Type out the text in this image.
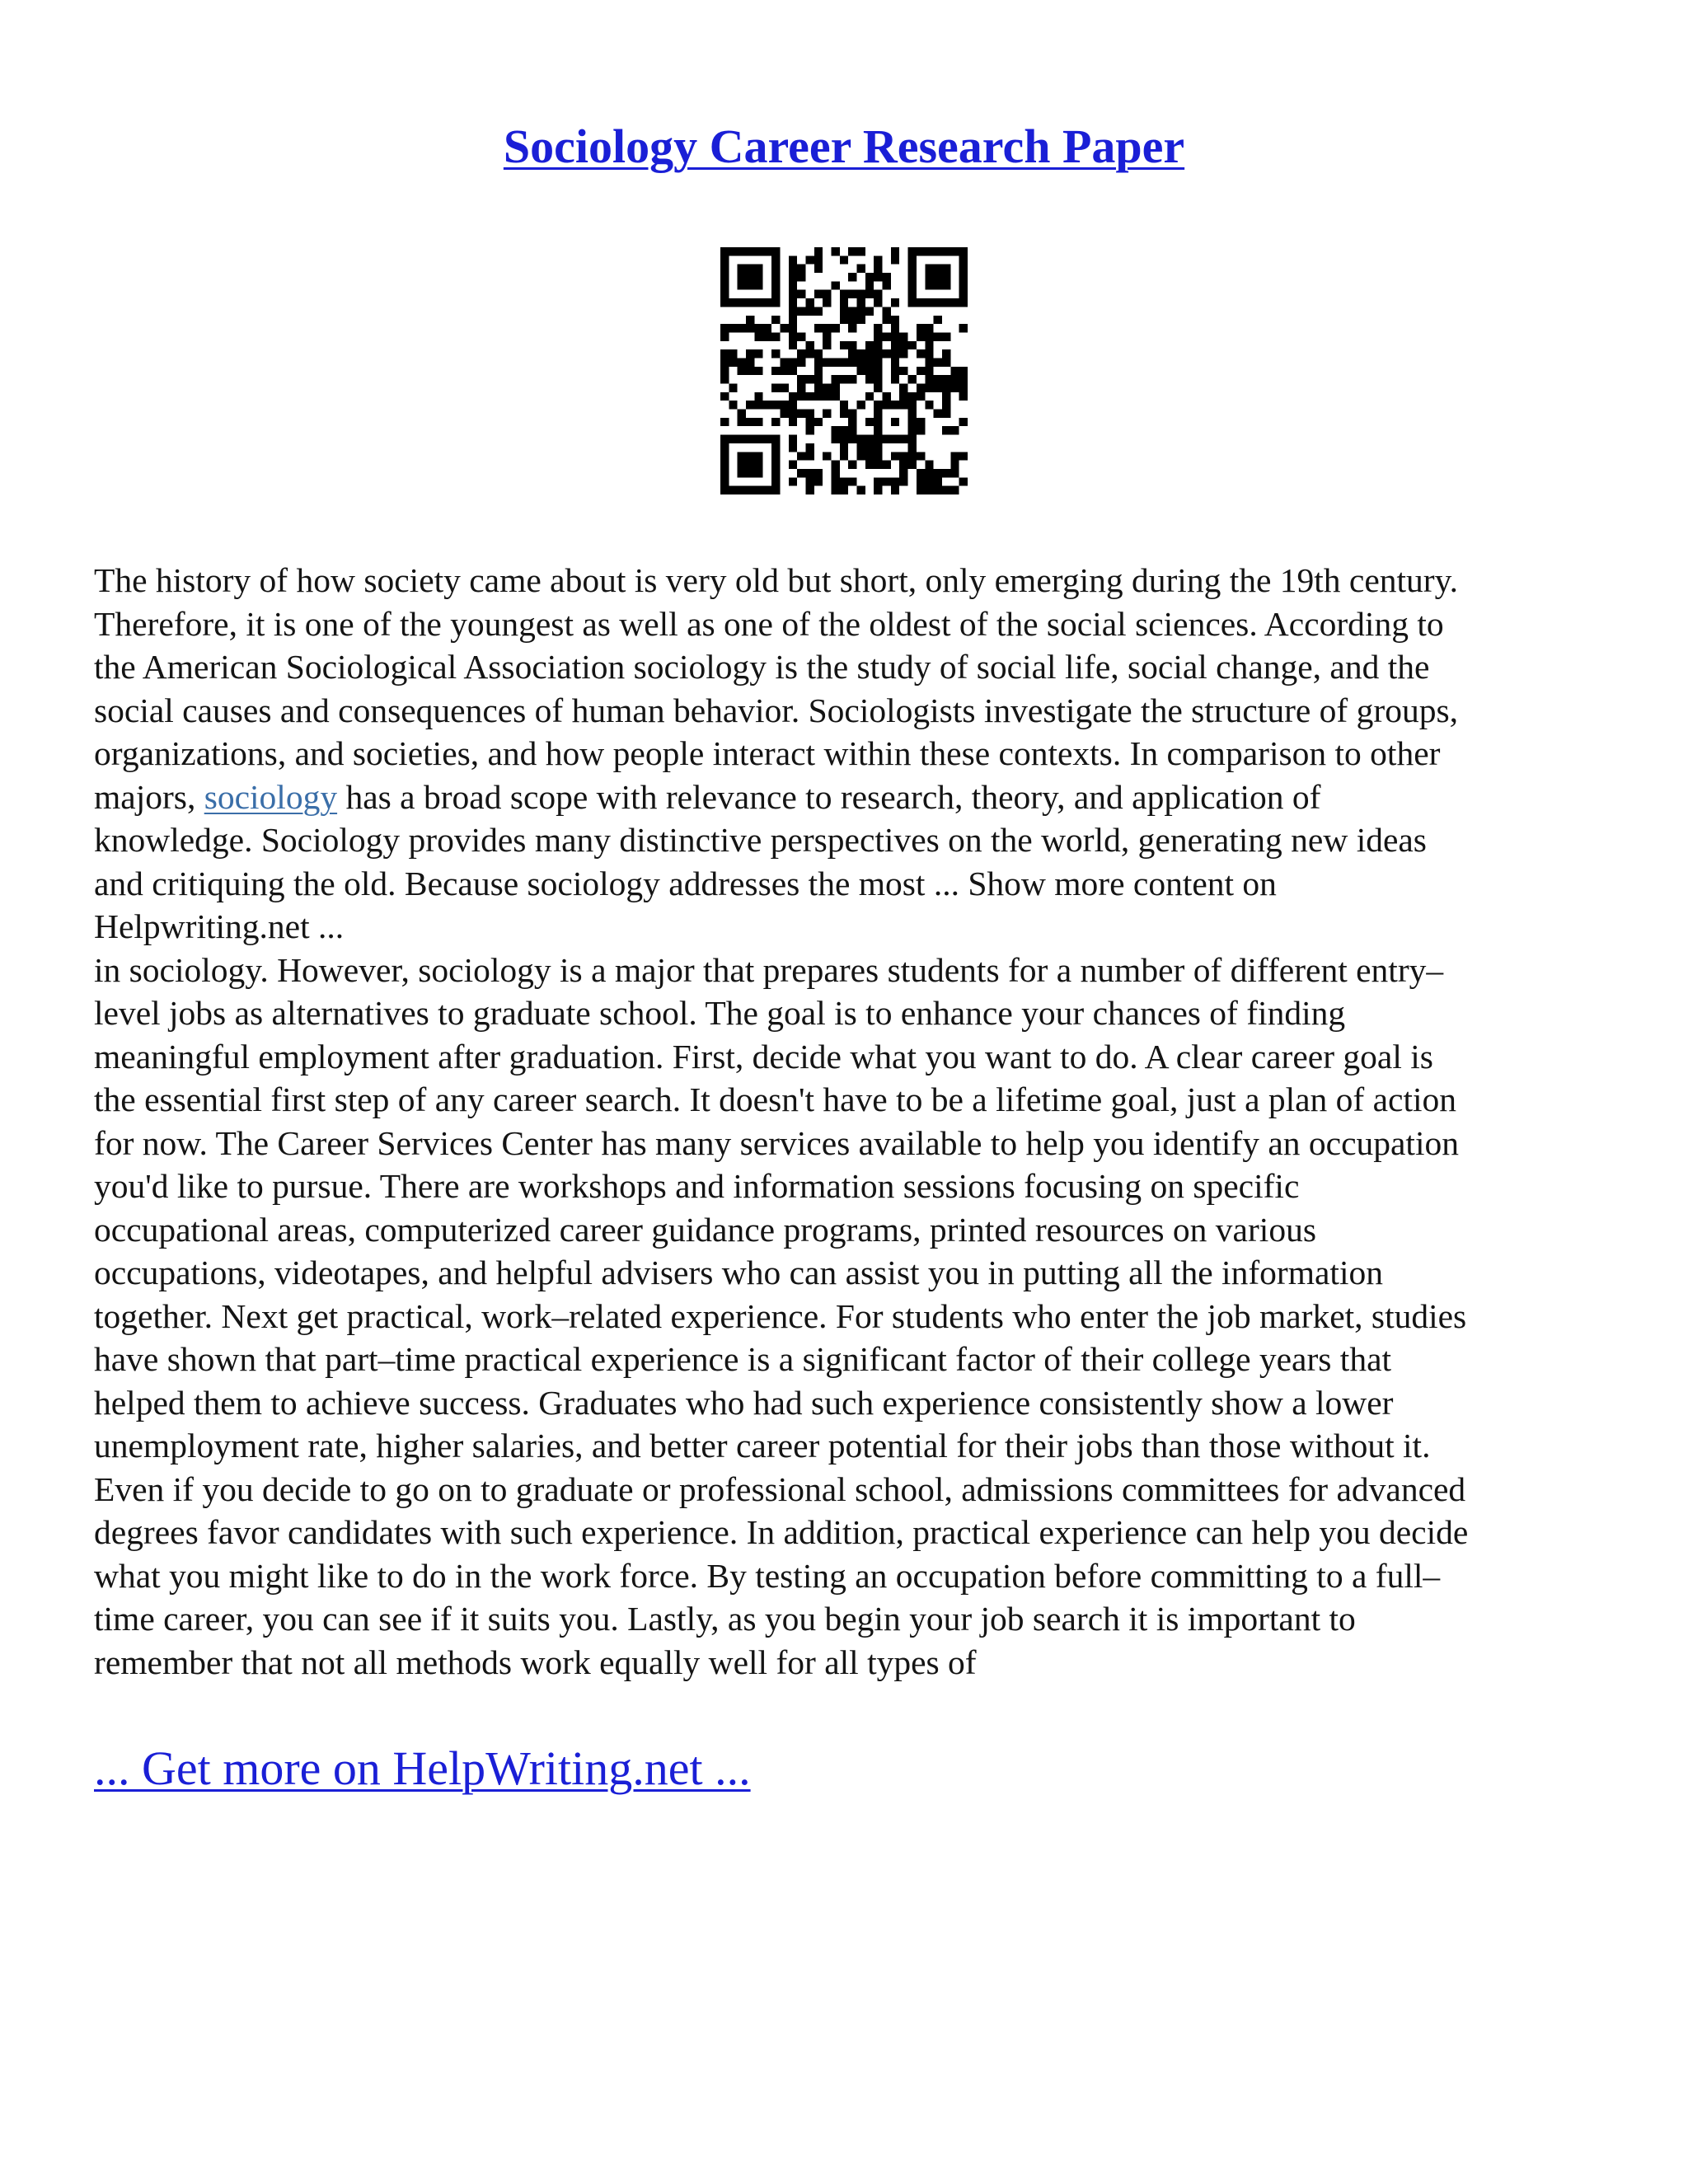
Sociology Career Research Paper

The history of how society came about is very old but short, only emerging during the 19th century.

Therefore, it is one of the youngest as well as one of the oldest of the social sciences. According to

the American Sociological Association sociology is the study of social life, social change, and the

social causes and consequences of human behavior. Sociologists investigate the structure of groups,

organizations, and societies, and how people interact within these contexts. In comparison to other

majors, sociology has a broad scope with relevance to research, theory, and application of

knowledge. Sociology provides many distinctive perspectives on the world, generating new ideas

and critiquing the old. Because sociology addresses the most ... Show more content on

Helpwriting.net ...

in sociology. However, sociology is a major that prepares students for a number of different entry–

level jobs as alternatives to graduate school. The goal is to enhance your chances of finding

meaningful employment after graduation. First, decide what you want to do. A clear career goal is

the essential first step of any career search. It doesn't have to be a lifetime goal, just a plan of action

for now. The Career Services Center has many services available to help you identify an occupation

you'd like to pursue. There are workshops and information sessions focusing on specific

occupational areas, computerized career guidance programs, printed resources on various

occupations, videotapes, and helpful advisers who can assist you in putting all the information

together. Next get practical, work–related experience. For students who enter the job market, studies

have shown that part–time practical experience is a significant factor of their college years that

helped them to achieve success. Graduates who had such experience consistently show a lower

unemployment rate, higher salaries, and better career potential for their jobs than those without it.

Even if you decide to go on to graduate or professional school, admissions committees for advanced

degrees favor candidates with such experience. In addition, practical experience can help you decide

what you might like to do in the work force. By testing an occupation before committing to a full–

time career, you can see if it suits you. Lastly, as you begin your job search it is important to

remember that not all methods work equally well for all types of

... Get more on HelpWriting.net ...
